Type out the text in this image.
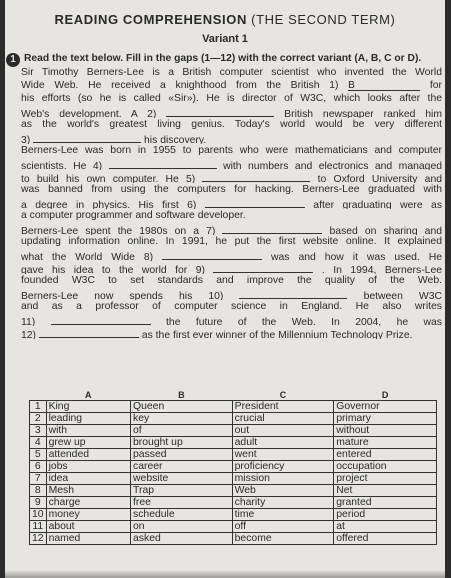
READING COMPREHENSION (THE SECOND TERM)
Variant 1
1 Read the text below. Fill in the gaps (1—12) with the correct variant (A, B, C or D).
Sir Timothy Berners-Lee is a British computer scientist who invented the World
Wide Web. He received a knighthood from the British 1) B	for
his efforts (so he is called «Sir»). He is director of W3C, which looks after the
Web's development. A 2)	British newspaper ranked him
as the world's greatest living genius. Today's world would be very different
3)	his discovery.
Berners-Lee was born in 1955 to parents who were mathematicians and computer
scientists. He 4)	with numbers and electronics and managed
to build his own computer. He 5)	to Oxford University and
was banned from using the computers for hacking. Berners-Lee graduated with
a degree in physics. His first 6)	after graduating were as
a computer programmer and software developer.
Berners-Lee spent the 1980s on a 7)	based on sharing and
updating information online. In 1991, he put the first website online. It explained
what the World Wide 8)	was and how it was used. He
gave his idea to the world for 9)	. In 1994, Berners-Lee
founded W3C to set standards and improve the quality of the Web.
Berners-Lee now spends his 10)	between W3C
and as a professor of computer science in England. He also writes
11)	the future of the Web. In 2004, he was
12)	as the first ever winner of the Millennium Technology Prize.
	A	B	C	D
1	King	Queen	President	Governor
2	leading	key	crucial	primary
3	with	of	out	without
4	grew up	brought up	adult	mature
5	attended	passed	went	entered
6	jobs	career	proficiency	occupation
7	idea	website	mission	project
8	Mesh	Trap	Web	Net
9	charge	free	charity	granted
10	money	schedule	time	period
11	about	on	off	at
12	named	asked	become	offered
